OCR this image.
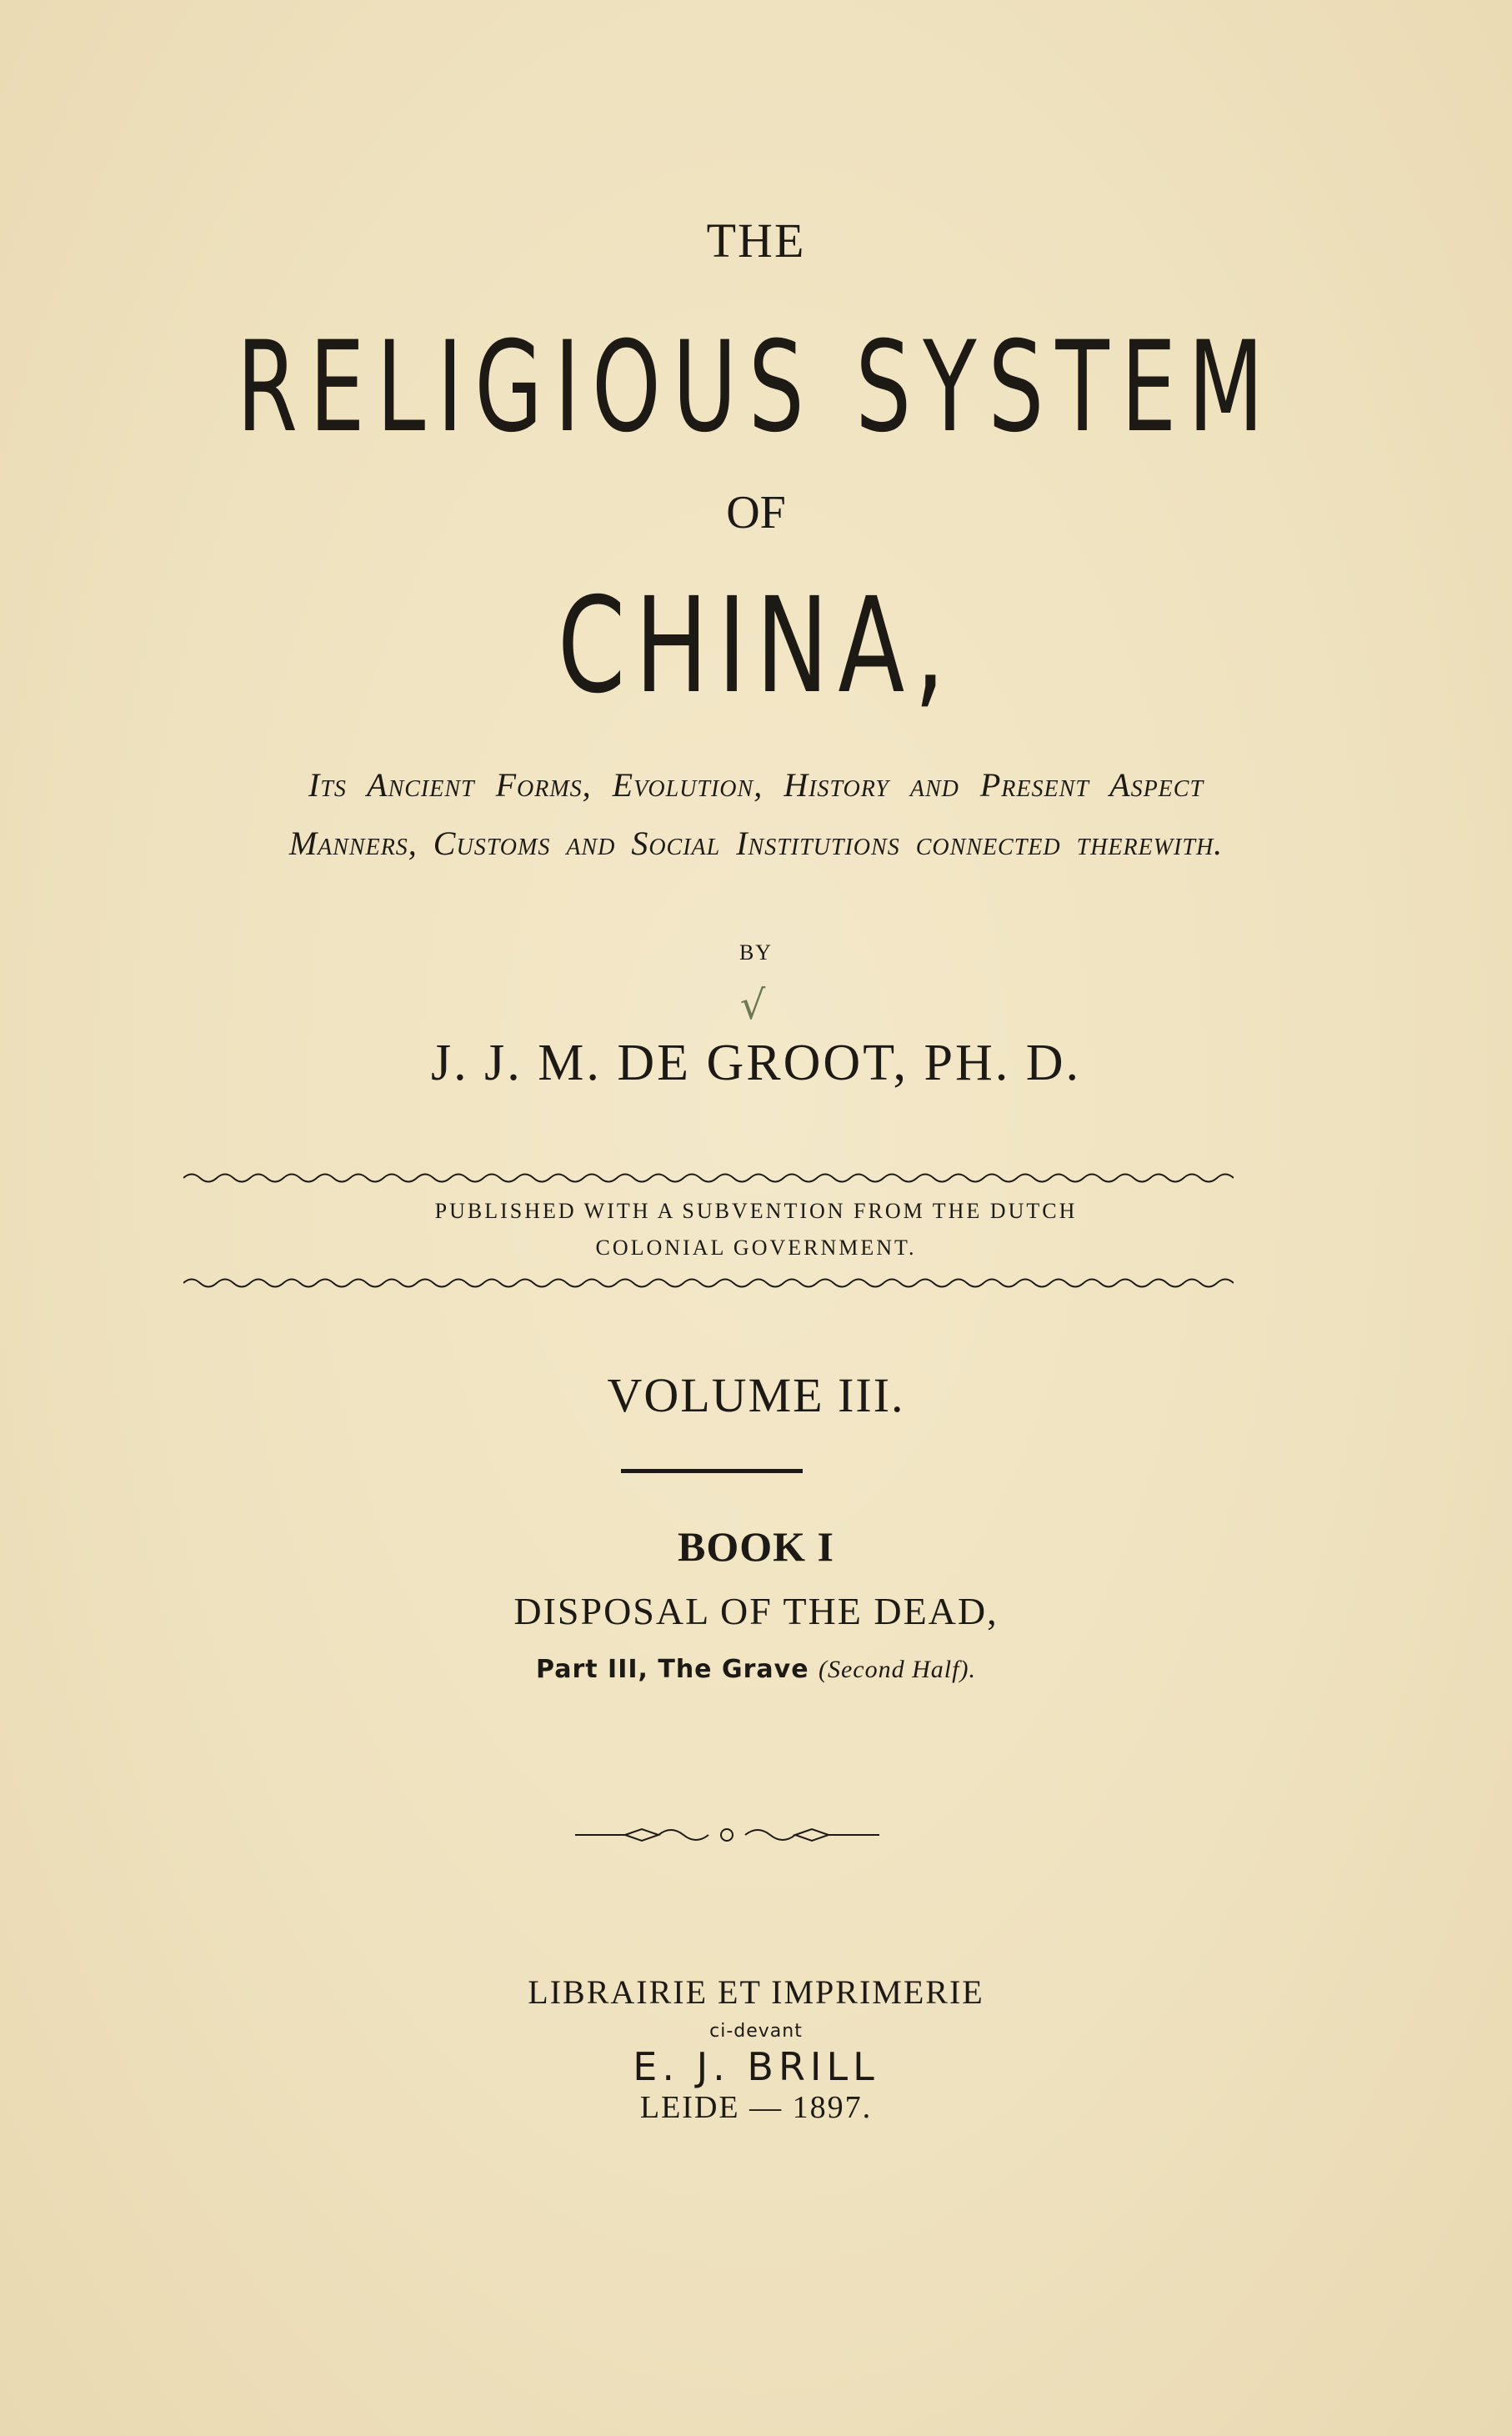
THE
RELIGIOUS SYSTEM
OF
CHINA,
Its Ancient Forms, Evolution, History and Present Aspect
Manners, Customs and Social Institutions connected therewith.
BY
√
J. J. M. DE GROOT, PH. D.
PUBLISHED WITH A SUBVENTION FROM THE DUTCH
COLONIAL GOVERNMENT.
VOLUME III.
BOOK I
DISPOSAL OF THE DEAD,
Part III, The Grave (Second Half).
LIBRAIRIE ET IMPRIMERIE
ci-devant
E. J. BRILL
LEIDE — 1897.
